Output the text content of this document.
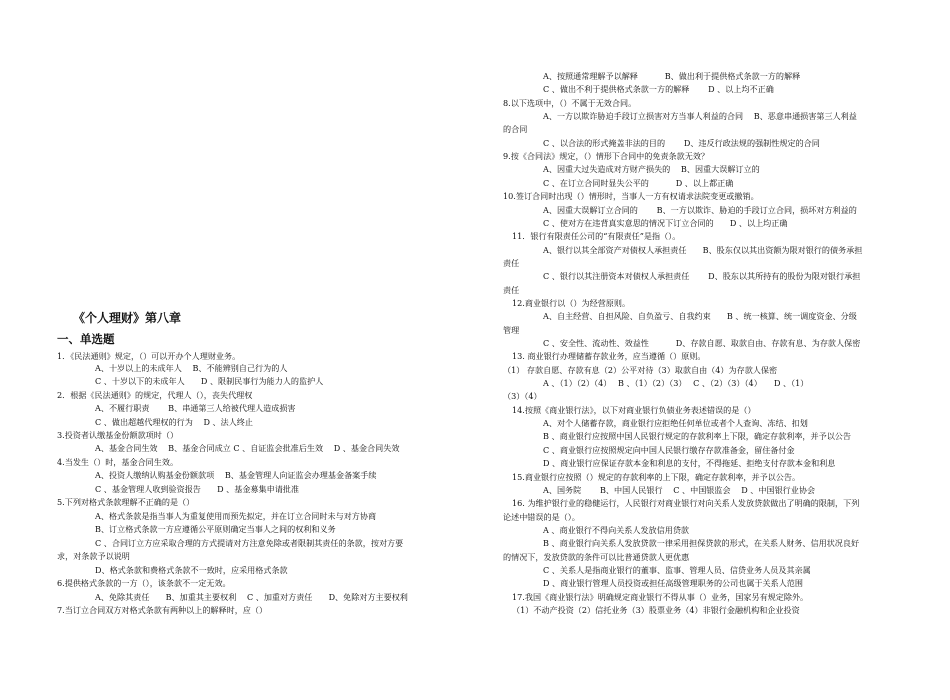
《个人理财》第八章
一、单选题
1．《民法通则》规定，（）可以开办个人理财业务。
A、十岁以上的未成年人　 B、不能辨别自己行为的人
C 、十岁以下的未成年人　　D 、限制民事行为能力人的监护人
2．根据《民法通则》的规定，代理人（），丧失代理权
A、不履行职责　　 B、串通第三人给被代理人造成损害
C 、做出超越代理权的行为　 D 、法人终止
3.投资者认缴基金份额款项时（）
A、基金合同生效　 B、基金合同成立 C 、自证监会批准后生效　 D 、基金合同失效
4.当发生（）时，基金合同生效。
A、投资人缴纳认购基金份额款项　 B、基金管理人向证监会办理基金备案手续
C 、基金管理人收到验资报告　　D 、基金募集申请批准
5.下列对格式条款理解不正确的是（）
A、格式条款是指当事人为重复使用而预先拟定，并在订立合同时未与对方协商
B、订立格式条款一方应遵循公平原则确定当事人之间的权利和义务
C 、合同订立方应采取合理的方式提请对方注意免除或者限制其责任的条款，按对方要
求，对条款予以说明
D、格式条款和费格式条款不一致时，应采用格式条款
6.提供格式条款的一方（），该条款不一定无效。
A、免除其责任　　B、加重其主要权利　 C 、加重对方责任　　D、免除对方主要权利
7.当订立合同双方对格式条款有两种以上的解释时，应（）
A、按照通常理解予以解释　　　 B、做出利于提供格式条款一方的解释
C 、做出不利于提供格式条款一方的解释　　 D 、以上均不正确
8.以下选项中，（）不属于无效合同。
A、一方以欺诈胁迫手段订立损害对方当事人利益的合同　 B、恶意串通损害第三人利益
的合同
C 、以合法的形式掩盖非法的目的　　 D、违反行政法规的强制性规定的合同
9.按《合同法》规定，（）情形下合同中的免责条款无效？
A、因重大过失造成对方财产损失的　 B、因重大误解订立的
C 、在订立合同时显失公平的　　　 D 、以上都正确
10.签订合同时出现（）情形时，当事人一方有权请求法院变更或撤销。
A、因重大误解订立合同的　　 B、一方以欺诈、胁迫的手段订立合同，损坏对方利益的
C 、使对方在违背真实意思的情况下订立合同的　　D 、以上均正确
11．银行有限责任公司的“有限责任”是指（）。
A、银行以其全部资产对债权人承担责任　　B、股东仅以其出资额为限对银行的债务承担
责任
C 、银行以其注册资本对债权人承担责任　　 D、股东以其所持有的股份为限对银行承担
责任
12.商业银行以（）为经营原则。
A、自主经营、自担风险、自负盈亏、自我约束　　B 、统一核算、统一调度资金、分级
管理
C 、安全性、流动性、效益性　　　 D、存款自愿、取款自由、存款有息、为存款人保密
13. 商业银行办理储蓄存款业务，应当遵循（）原则。
（1） 存款自愿、存款有息（2）公平对待（3）取款自由（4）为存款人保密
A 、（1）（2）（4）　 B 、（1）（2）（3）　 C 、（2）（3）（4）　　D 、（1）
（3）（4）
14.按照《商业银行法》，以下对商业银行负债业务表述错误的是（）
A、对个人储蓄存款，商业银行应拒绝任何单位或者个人查询、冻结、扣划
B 、商业银行应按照中国人民银行规定的存款利率上下限，确定存款利率，并予以公告
C 、商业银行应按照规定向中国人民银行缴存存款准备金，留住备付金
D 、商业银行应保证存款本金和利息的支付，不得拖延、拒绝支付存款本金和利息
15.商业银行应按照（）规定的存款利率的上下限，确定存款利率，并予以公告。
A、国务院　　 B、中国人民银行　 C 、中国银监会　 D 、中国银行业协会
16. 为维护银行业的稳健运行，人民银行对商业银行对向关系人发放贷款做出了明确的限制，下列
论述中错误的是（）。
A 、商业银行不得向关系人发放信用贷款
B 、商业银行向关系人发放贷款一律采用担保贷款的形式，在关系人财务、信用状况良好
的情况下，发放贷款的条件可以比普通贷款人更优惠
C 、关系人是指商业银行的董事、监事、管理人员、信贷业务人员及其亲属
D 、商业银行管理人员投资或担任高级管理职务的公司也属于关系人范围
17.我国《商业银行法》明确规定商业银行不得从事（）业务，国家另有规定除外。
（1）不动产投资（2）信托业务（3）股票业务（4）非银行金融机构和企业投资
